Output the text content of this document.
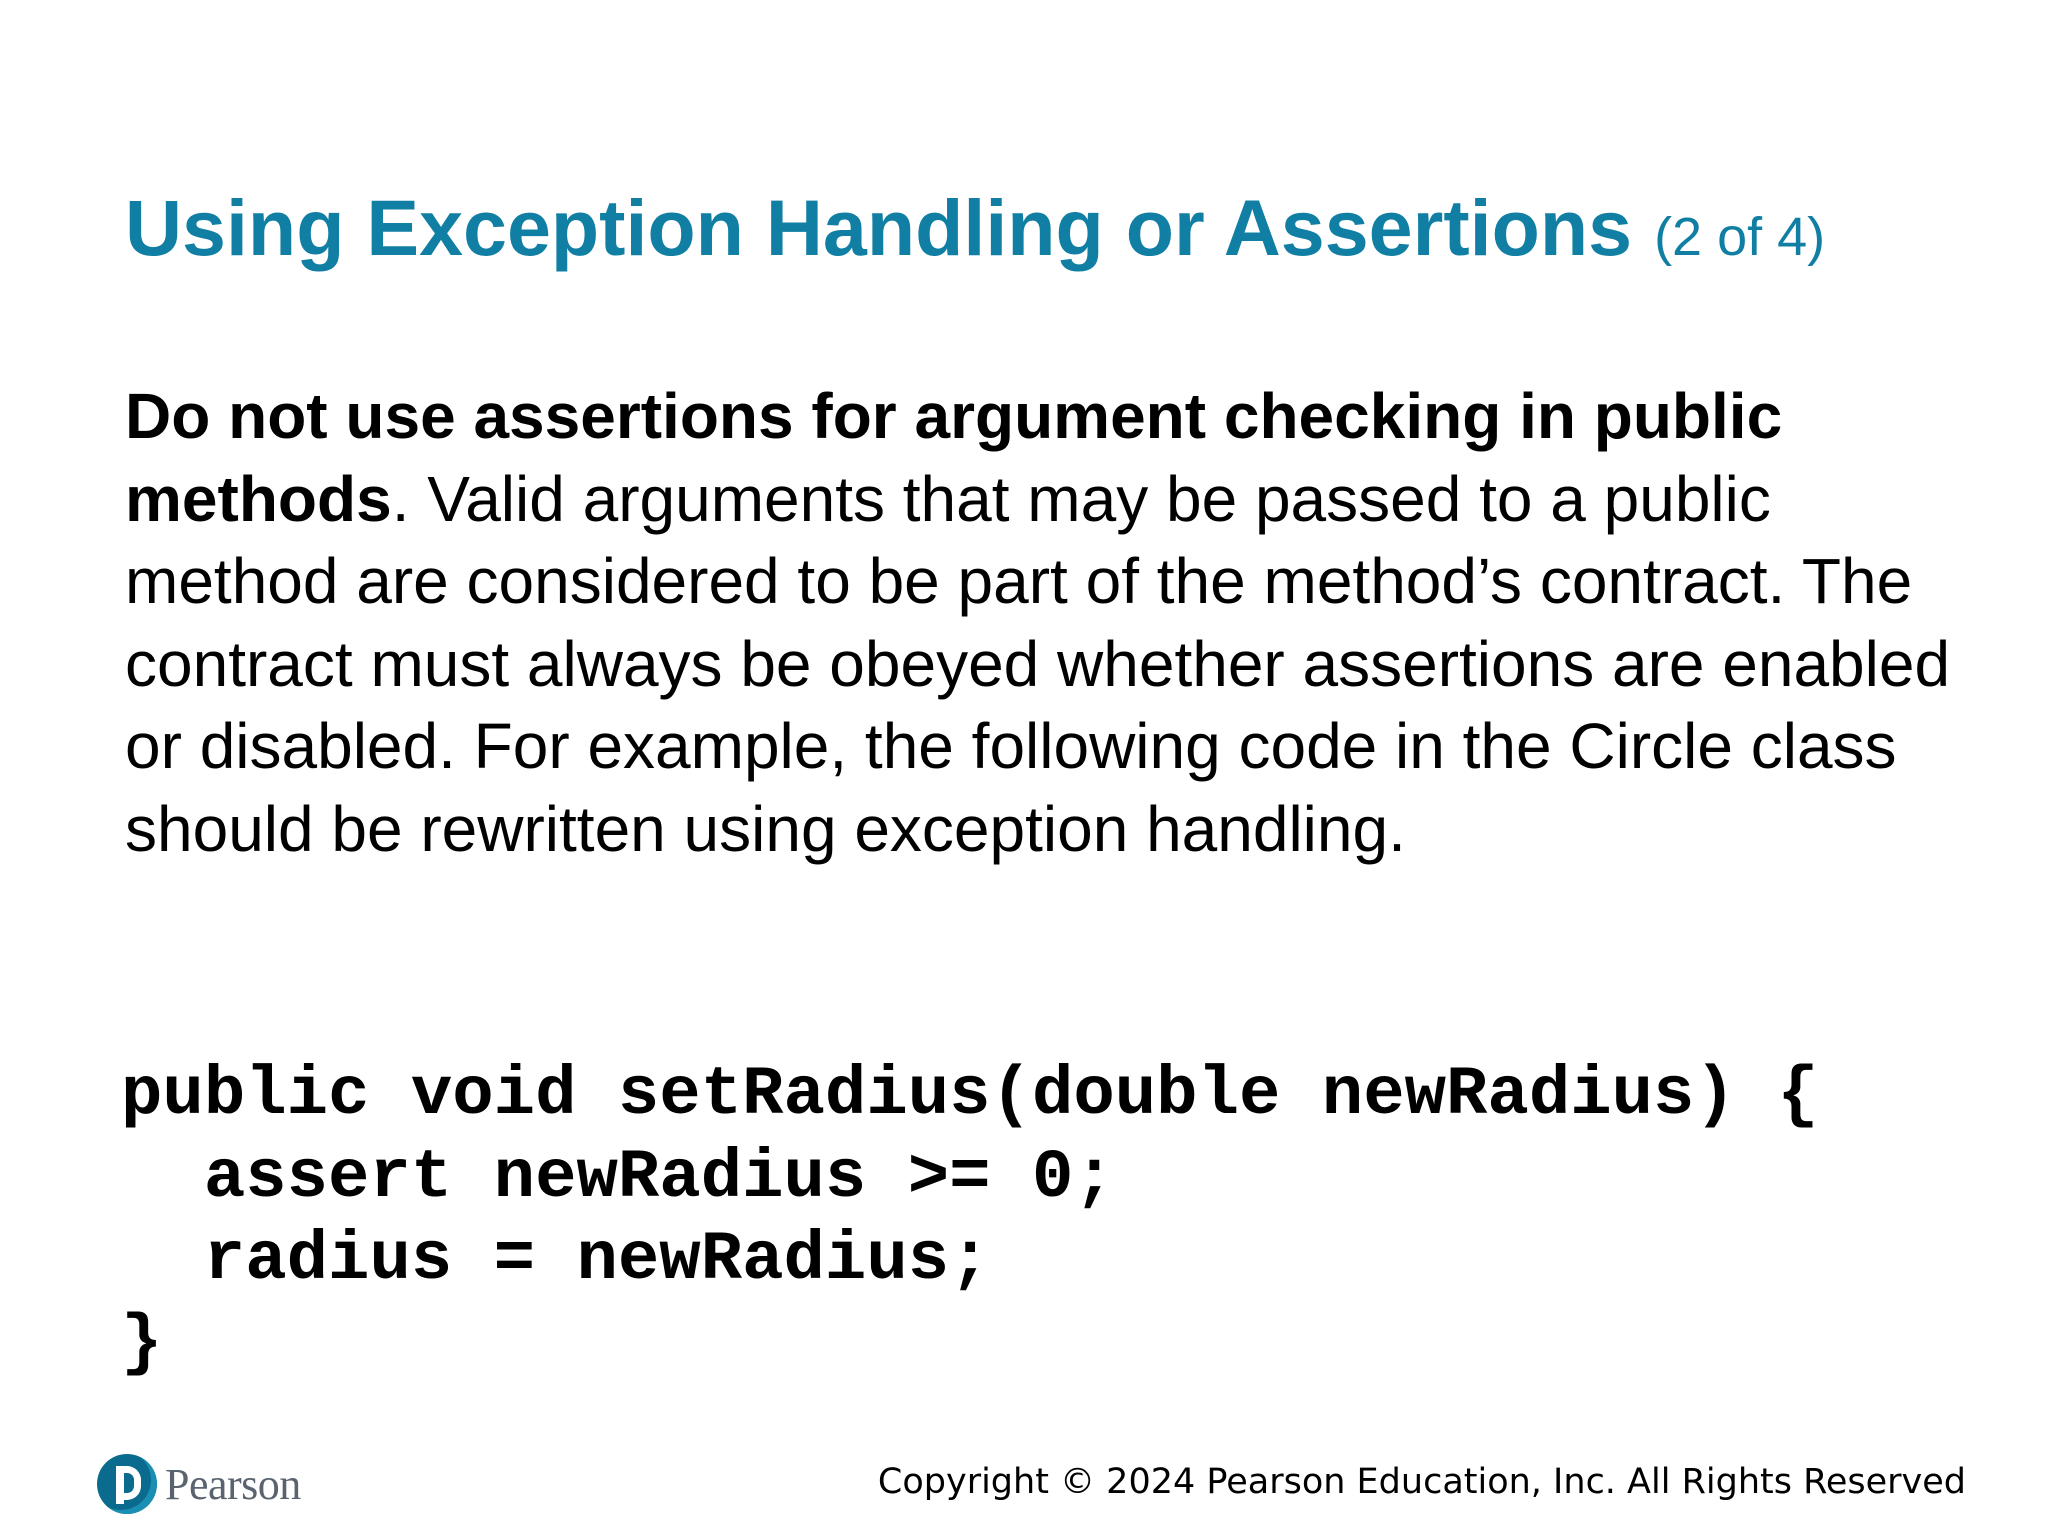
Using Exception Handling or Assertions (2 of 4)

Do not use assertions for argument checking in public methods. Valid arguments that may be passed to a public method are considered to be part of the method’s contract. The contract must always be obeyed whether assertions are enabled or disabled. For example, the following code in the Circle class should be rewritten using exception handling.

public void setRadius(double newRadius) {
assert newRadius >= 0;
radius = newRadius;
}
Pearson	Copyright © 2024 Pearson Education, Inc. All Rights Reserved
